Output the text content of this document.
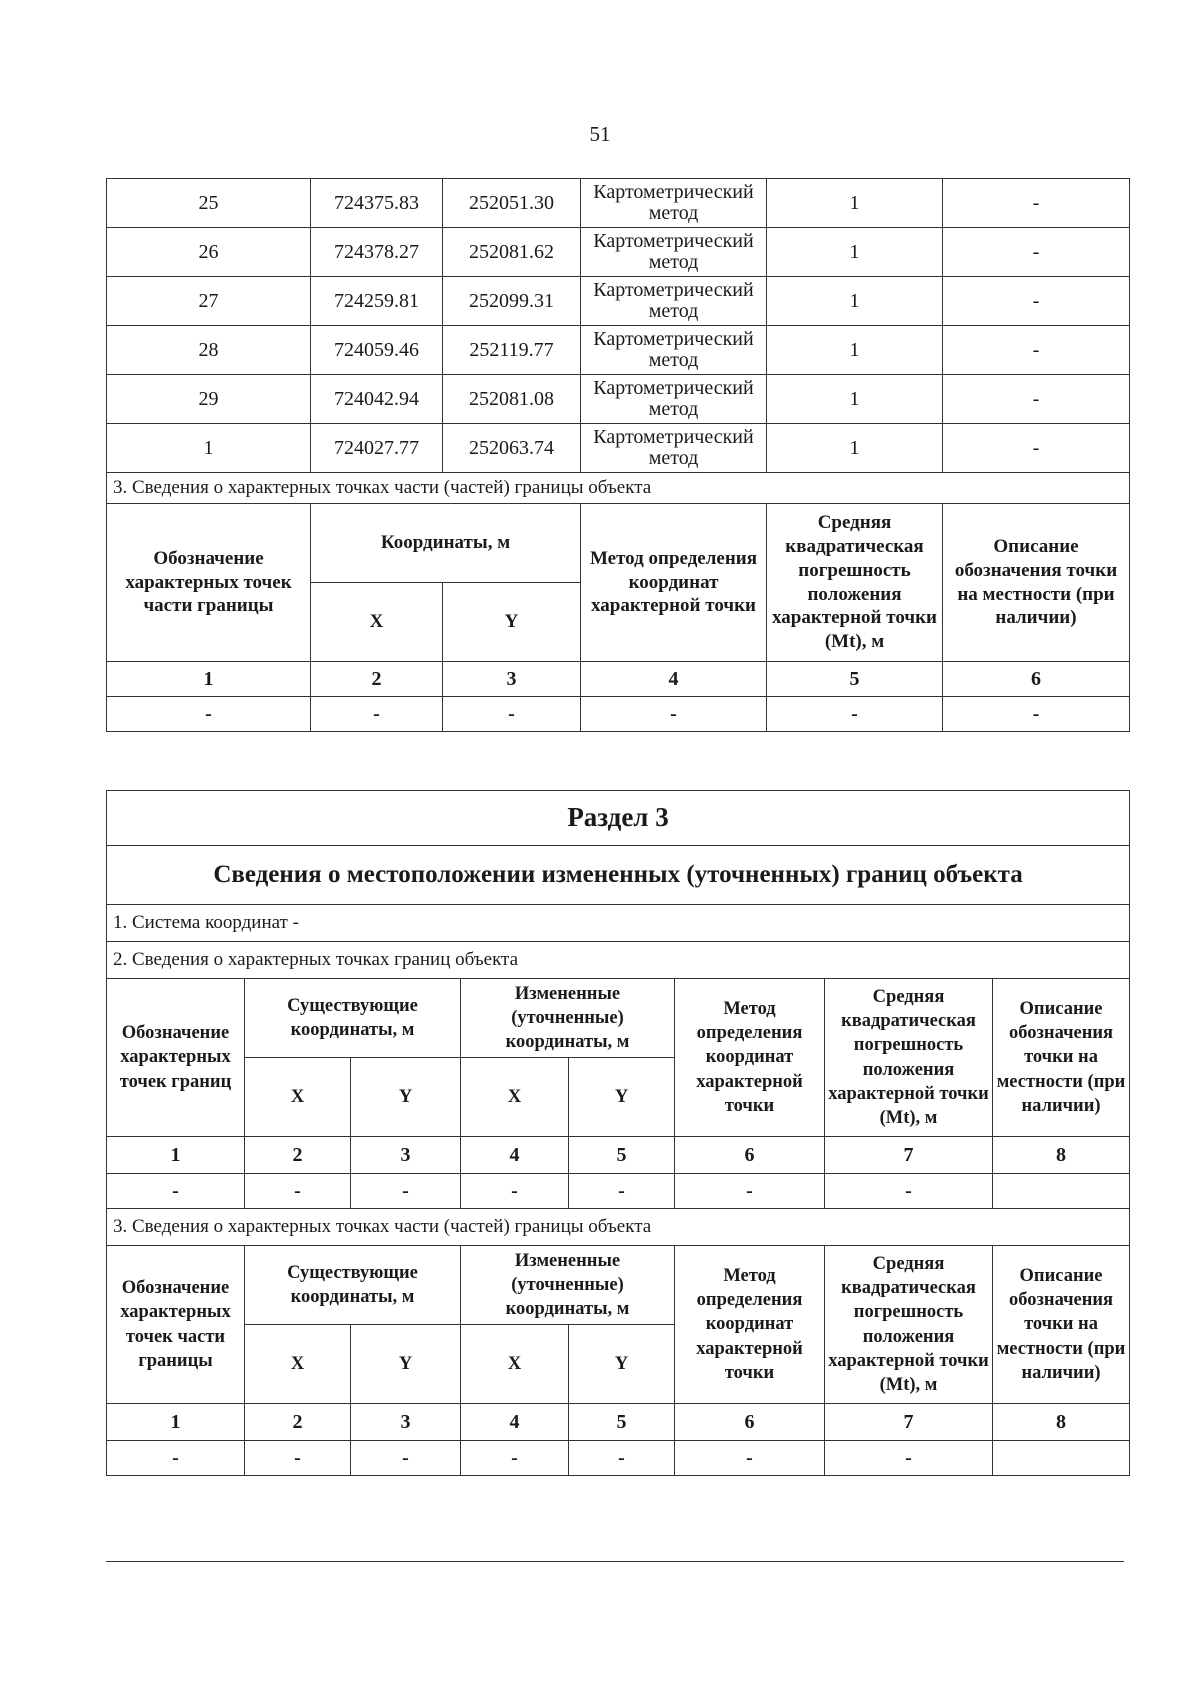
51
25	724375.83	252051.30	Картометрический метод	1	-
26	724378.27	252081.62	Картометрический метод	1	-
27	724259.81	252099.31	Картометрический метод	1	-
28	724059.46	252119.77	Картометрический метод	1	-
29	724042.94	252081.08	Картометрический метод	1	-
1	724027.77	252063.74	Картометрический метод	1	-
3. Сведения о характерных точках части (частей) границы объекта					
Обозначение характерных точек части границы	Координаты, м		Метод определения координат характерной точки	Средняя квадратическая погрешность положения характерной точки (Mt), м	Описание обозначения точки на местности (при наличии)
	X	Y			
1	2	3	4	5	6
-	-	-	-	-	-
Раздел 3							
Сведения о местоположении измененных (уточненных) границ объекта							
1. Система координат -							
2. Сведения о характерных точках границ объекта							
Обозначение характерных точек границ	Существующие координаты, м		Измененные (уточненные) координаты, м		Метод определения координат характерной точки	Средняя квадратическая погрешность положения характерной точки (Mt), м	Описание обозначения точки на местности (при наличии)
	X	Y	X	Y			
1	2	3	4	5	6	7	8
-	-	-	-	-	-	-	
3. Сведения о характерных точках части (частей) границы объекта							
Обозначение характерных точек части границы	Существующие координаты, м		Измененные (уточненные) координаты, м		Метод определения координат характерной точки	Средняя квадратическая погрешность положения характерной точки (Mt), м	Описание обозначения точки на местности (при наличии)
	X	Y	X	Y			
1	2	3	4	5	6	7	8
-	-	-	-	-	-	-	
